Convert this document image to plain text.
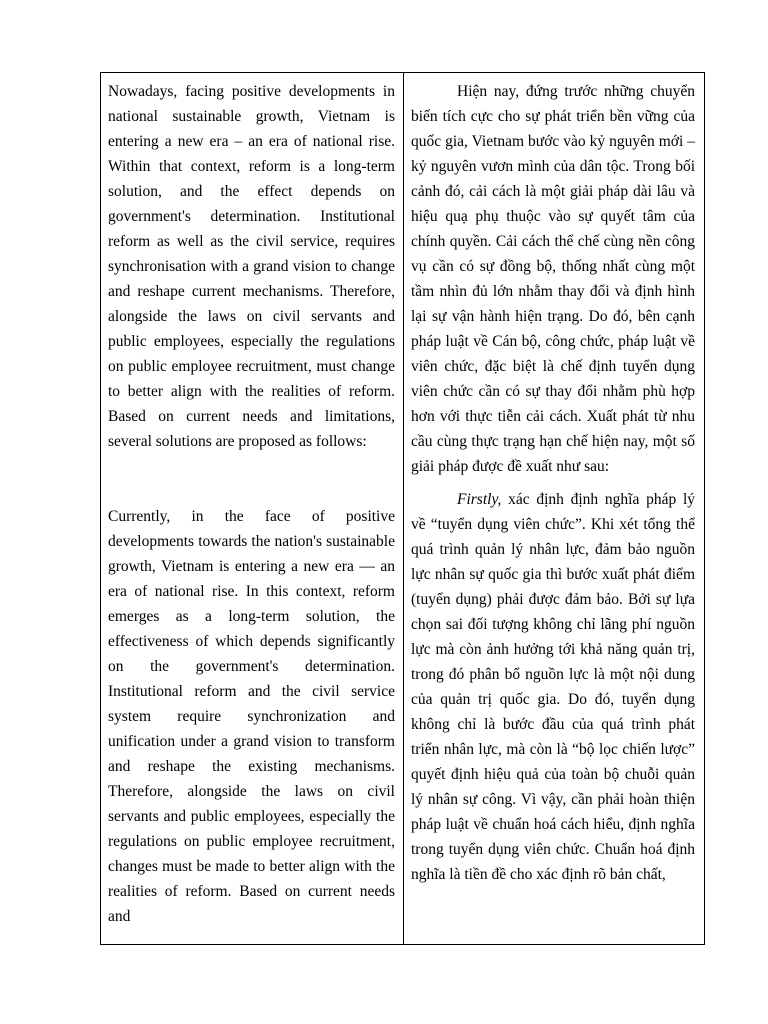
Nowadays, facing positive developments in national sustainable growth, Vietnam is entering a new era – an era of national rise. Within that context, reform is a long-term solution, and the effect depends on government's determination. Institutional reform as well as the civil service, requires synchronisation with a grand vision to change and reshape current mechanisms. Therefore, alongside the laws on civil servants and public employees, especially the regulations on public employee recruitment, must change to better align with the realities of reform. Based on current needs and limitations, several solutions are proposed as follows:

Currently, in the face of positive developments towards the nation's sustainable growth, Vietnam is entering a new era — an era of national rise. In this context, reform emerges as a long-term solution, the effectiveness of which depends significantly on the government's determination. Institutional reform and the civil service system require synchronization and unification under a grand vision to transform and reshape the existing mechanisms. Therefore, alongside the laws on civil servants and public employees, especially the regulations on public employee recruitment, changes must be made to better align with the realities of reform. Based on current needs and

Hiện nay, đứng trước những chuyển biến tích cực cho sự phát triển bền vững của quốc gia, Vietnam bước vào kỷ nguyên mới – kỷ nguyên vươn mình của dân tộc. Trong bối cảnh đó, cải cách là một giải pháp dài lâu và hiệu quạ phụ thuộc vào sự quyết tâm của chính quyền. Cải cách thể chế cùng nền công vụ cần có sự đồng bộ, thống nhất cùng một tầm nhìn đủ lớn nhằm thay đổi và định hình lại sự vận hành hiện trạng. Do đó, bên cạnh pháp luật về Cán bộ, công chức, pháp luật về viên chức, đặc biệt là chế định tuyển dụng viên chức cần có sự thay đổi nhằm phù hợp hơn với thực tiễn cải cách. Xuất phát từ nhu cầu cùng thực trạng hạn chế hiện nay, một số giải pháp được đề xuất như sau:

Firstly, xác định định nghĩa pháp lý về “tuyển dụng viên chức”. Khi xét tổng thể quá trình quản lý nhân lực, đảm bảo nguồn lực nhân sự quốc gia thì bước xuất phát điểm (tuyển dụng) phải được đảm bảo. Bởi sự lựa chọn sai đối tượng không chỉ lãng phí nguồn lực mà còn ảnh hưởng tới khả năng quản trị, trong đó phân bổ nguồn lực là một nội dung của quản trị quốc gia. Do đó, tuyển dụng không chỉ là bước đầu của quá trình phát triển nhân lực, mà còn là “bộ lọc chiến lược” quyết định hiệu quả của toàn bộ chuỗi quản lý nhân sự công. Vì vậy, cần phải hoàn thiện pháp luật về chuẩn hoá cách hiểu, định nghĩa trong tuyển dụng viên chức. Chuẩn hoá định nghĩa là tiền đề cho xác định rõ bản chất,
